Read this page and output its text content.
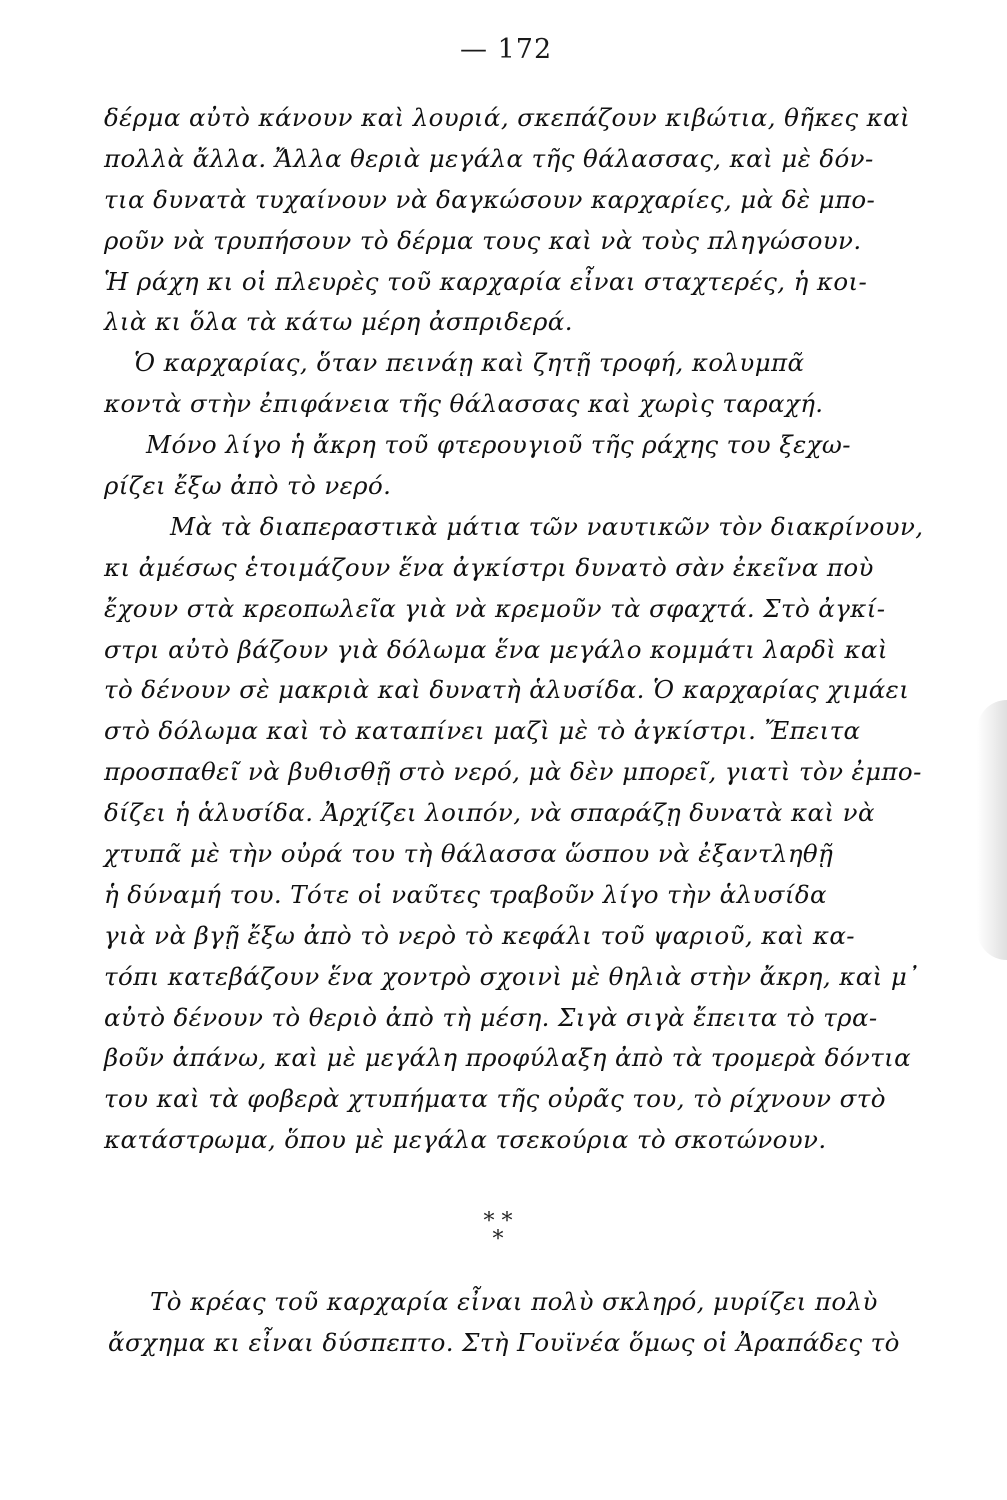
— 172
δέρμα αὐτὸ κάνουν καὶ λουριά, σκεπάζουν κιβώτια, θῆκες καὶ
πολλὰ ἄλλα. Ἄλλα θεριὰ μεγάλα τῆς θάλασσας, καὶ μὲ δόν-
τια δυνατὰ τυχαίνουν νὰ δαγκώσουν καρχαρίες, μὰ δὲ μπο-
ροῦν νὰ τρυπήσουν τὸ δέρμα τους καὶ νὰ τοὺς πληγώσουν.
Ἡ ράχη κι οἱ πλευρὲς τοῦ καρχαρία εἶναι σταχτερές, ἡ κοι-
λιὰ κι ὅλα τὰ κάτω μέρη ἀσπριδερά.
Ὁ καρχαρίας, ὅταν πεινάῃ καὶ ζητῇ τροφή, κολυμπᾶ
κοντὰ στὴν ἐπιφάνεια τῆς θάλασσας καὶ χωρὶς ταραχή.
Μόνο λίγο ἡ ἄκρη τοῦ φτερουγιοῦ τῆς ράχης του ξεχω-
ρίζει ἔξω ἀπὸ τὸ νερό.
Μὰ τὰ διαπεραστικὰ μάτια τῶν ναυτικῶν τὸν διακρίνουν,
κι ἀμέσως ἑτοιμάζουν ἕνα ἀγκίστρι δυνατὸ σὰν ἐκεῖνα ποὺ
ἔχουν στὰ κρεοπωλεῖα γιὰ νὰ κρεμοῦν τὰ σφαχτά. Στὸ ἀγκί-
στρι αὐτὸ βάζουν γιὰ δόλωμα ἕνα μεγάλο κομμάτι λαρδὶ καὶ
τὸ δένουν σὲ μακριὰ καὶ δυνατὴ ἁλυσίδα. Ὁ καρχαρίας χιμάει
στὸ δόλωμα καὶ τὸ καταπίνει μαζὶ μὲ τὸ ἀγκίστρι. Ἔπειτα
προσπαθεῖ νὰ βυθισθῇ στὸ νερό, μὰ δὲν μπορεῖ, γιατὶ τὸν ἐμπο-
δίζει ἡ ἁλυσίδα. Ἀρχίζει λοιπόν, νὰ σπαράζῃ δυνατὰ καὶ νὰ
χτυπᾶ μὲ τὴν οὐρά του τὴ θάλασσα ὥσπου νὰ ἐξαντληθῇ
ἡ δύναμή του. Τότε οἱ ναῦτες τραβοῦν λίγο τὴν ἁλυσίδα
γιὰ νὰ βγῇ ἔξω ἀπὸ τὸ νερὸ τὸ κεφάλι τοῦ ψαριοῦ, καὶ κα-
τόπι κατεβάζουν ἕνα χοντρὸ σχοινὶ μὲ θηλιὰ στὴν ἄκρη, καὶ μ᾿
αὐτὸ δένουν τὸ θεριὸ ἀπὸ τὴ μέση. Σιγὰ σιγὰ ἔπειτα τὸ τρα-
βοῦν ἀπάνω, καὶ μὲ μεγάλη προφύλαξη ἀπὸ τὰ τρομερὰ δόντια
του καὶ τὰ φοβερὰ χτυπήματα τῆς οὐρᾶς του, τὸ ρίχνουν στὸ
κατάστρωμα, ὅπου μὲ μεγάλα τσεκούρια τὸ σκοτώνουν.
* *
*
Τὸ κρέας τοῦ καρχαρία εἶναι πολὺ σκληρό, μυρίζει πολὺ
ἄσχημα κι εἶναι δύσπεπτο. Στὴ Γουϊνέα ὅμως οἱ Ἀραπάδες τὸ
